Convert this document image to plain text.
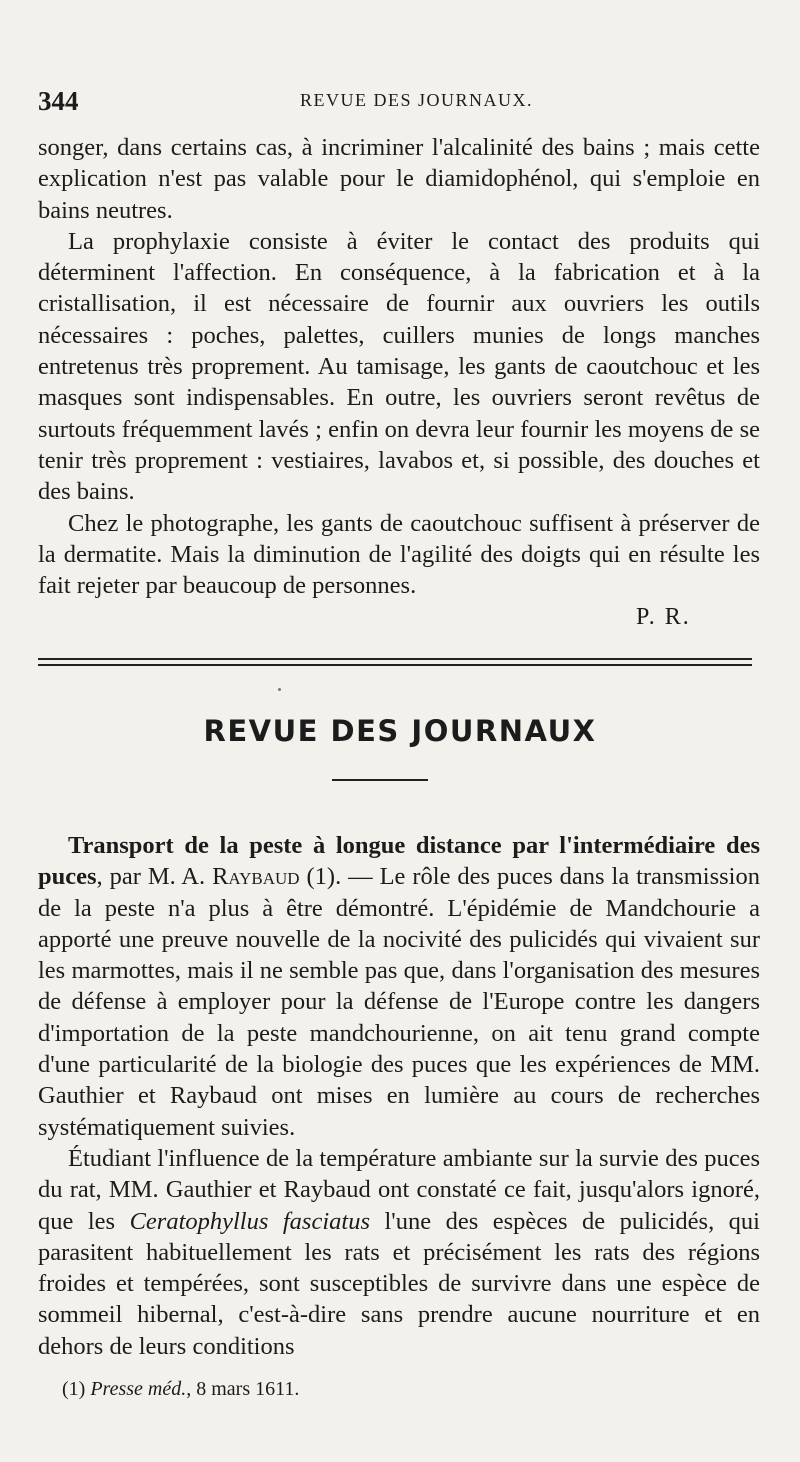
344	REVUE DES JOURNAUX.

songer, dans certains cas, à incriminer l'alcalinité des bains ; mais cette explication n'est pas valable pour le diamidophénol, qui s'emploie en bains neutres.

La prophylaxie consiste à éviter le contact des produits qui déterminent l'affection. En conséquence, à la fabrication et à la cristallisation, il est nécessaire de fournir aux ouvriers les outils nécessaires : poches, palettes, cuillers munies de longs manches entretenus très proprement. Au tamisage, les gants de caoutchouc et les masques sont indispensables. En outre, les ouvriers seront revêtus de surtouts fréquemment lavés ; enfin on devra leur fournir les moyens de se tenir très proprement : vestiaires, lavabos et, si possible, des douches et des bains.

Chez le photographe, les gants de caoutchouc suffisent à préserver de la dermatite. Mais la diminution de l'agilité des doigts qui en résulte les fait rejeter par beaucoup de personnes.

P. R.
REVUE DES JOURNAUX

Transport de la peste à longue distance par l'intermédiaire des puces, par M. A. Raybaud (1). — Le rôle des puces dans la transmission de la peste n'a plus à être démontré. L'épidémie de Mandchourie a apporté une preuve nouvelle de la nocivité des pulicidés qui vivaient sur les marmottes, mais il ne semble pas que, dans l'organisation des mesures de défense à employer pour la défense de l'Europe contre les dangers d'importation de la peste mandchourienne, on ait tenu grand compte d'une particularité de la biologie des puces que les expériences de MM. Gauthier et Raybaud ont mises en lumière au cours de recherches systématiquement suivies.

Étudiant l'influence de la température ambiante sur la survie des puces du rat, MM. Gauthier et Raybaud ont constaté ce fait, jusqu'alors ignoré, que les Ceratophyllus fasciatus l'une des espèces de pulicidés, qui parasitent habituellement les rats et précisément les rats des régions froides et tempérées, sont susceptibles de survivre dans une espèce de sommeil hibernal, c'est-à-dire sans prendre aucune nourriture et en dehors de leurs conditions

(1) Presse méd., 8 mars 1611.
